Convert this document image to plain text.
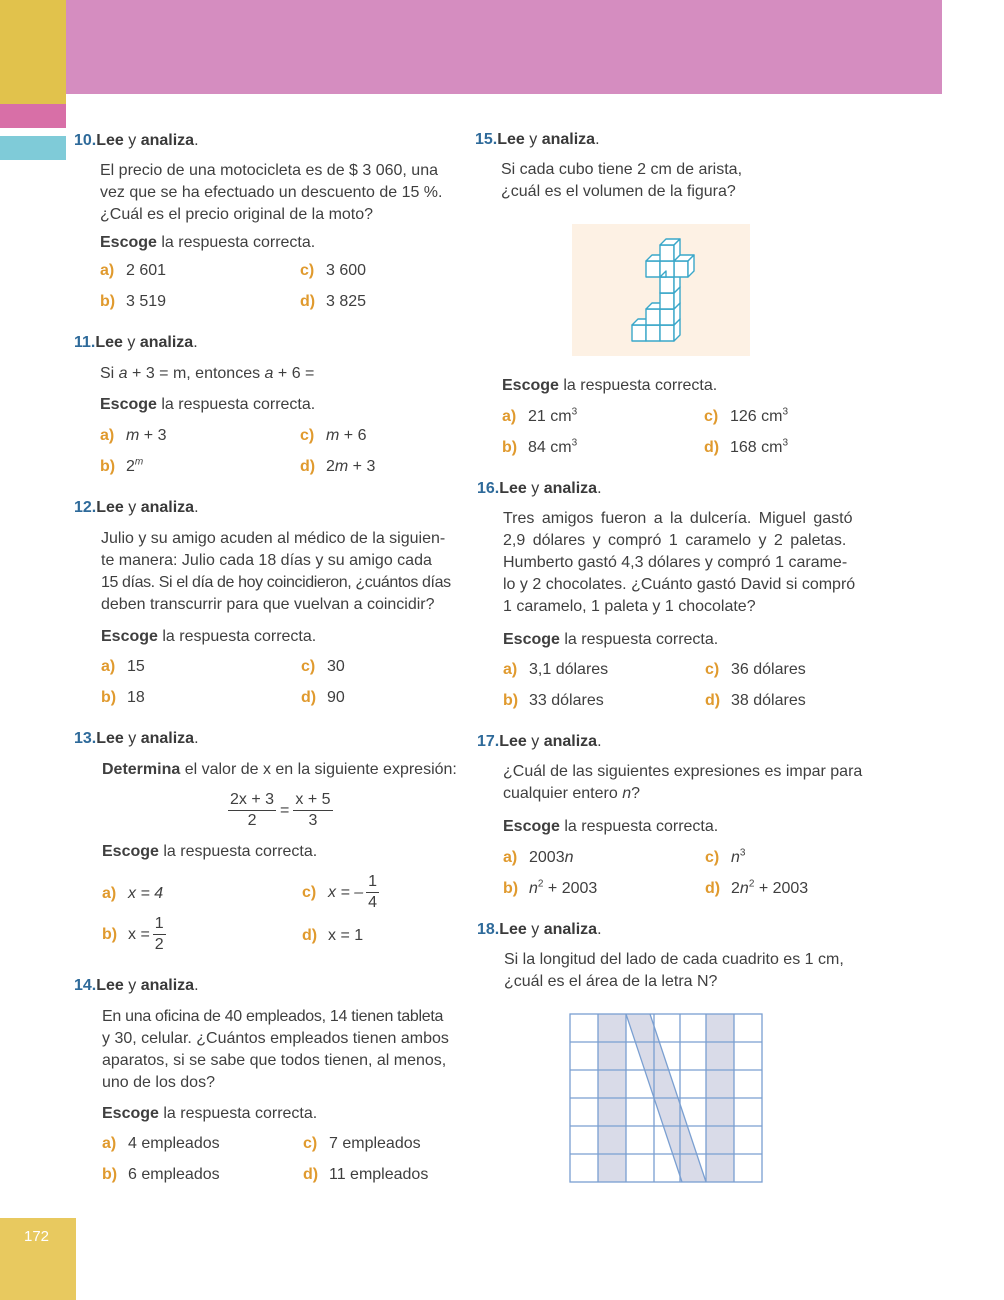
172
10.Lee y analiza.
El precio de una motocicleta es de $ 3 060, una
vez que se ha efectuado un descuento de 15 %.
¿Cuál es el precio original de la moto?
Escoge la respuesta correcta.
a) 2 601	c) 3 600
b) 3 519	d) 3 825
11.Lee y analiza.
Si a + 3 = m, entonces a + 6 =
Escoge la respuesta correcta.
a) m + 3	c) m + 6
b) 2$^m$	d) 2m + 3
12.Lee y analiza.
Julio y su amigo acuden al médico de la siguien-
te manera: Julio cada 18 días y su amigo cada
15 días. Si el día de hoy coincidieron, ¿cuántos días
deben transcurrir para que vuelvan a coincidir?
Escoge la respuesta correcta.
a) 15	c) 30
b) 18	d) 90
13.Lee y analiza.
Determina el valor de x en la siguiente expresión:
$\frac{2x + 3}{2} = \frac{x + 5}{3}$
Escoge la respuesta correcta.
a) x = 4	c) x = – $\frac{1}{4}$
b) $x = \frac{1}{2}$	d) x = 1
14.Lee y analiza.
En una oficina de 40 empleados, 14 tienen tableta
y 30, celular. ¿Cuántos empleados tienen ambos
aparatos, si se sabe que todos tienen, al menos,
uno de los dos?
Escoge la respuesta correcta.
a) 4 empleados	c) 7 empleados
b) 6 empleados	d) 11 empleados
15.Lee y analiza.
Si cada cubo tiene 2 cm de arista,
¿cuál es el volumen de la figura?
Escoge la respuesta correcta.
a) 21 $cm^3$	c) 126 $cm^3$
b) 84 $cm^3$	d) 168 $cm^3$
16.Lee y analiza.
Tres amigos fueron a la dulcería. Miguel gastó
2,9 dólares y compró 1 caramelo y 2 paletas.
Humberto gastó 4,3 dólares y compró 1 carame-
lo y 2 chocolates. ¿Cuánto gastó David si compró
1 caramelo, 1 paleta y 1 chocolate?
Escoge la respuesta correcta.
a) 3,1 dólares	c) 36 dólares
b) 33 dólares	d) 38 dólares
17.Lee y analiza.
¿Cuál de las siguientes expresiones es impar para
cualquier entero n?
Escoge la respuesta correcta.
a) 2003n	c) $n^3$
b) $n^2 + 2003$	d) $2n^2 + 2003$
18.Lee y analiza.
Si la longitud del lado de cada cuadrito es 1 cm,
¿cuál es el área de la letra N?
